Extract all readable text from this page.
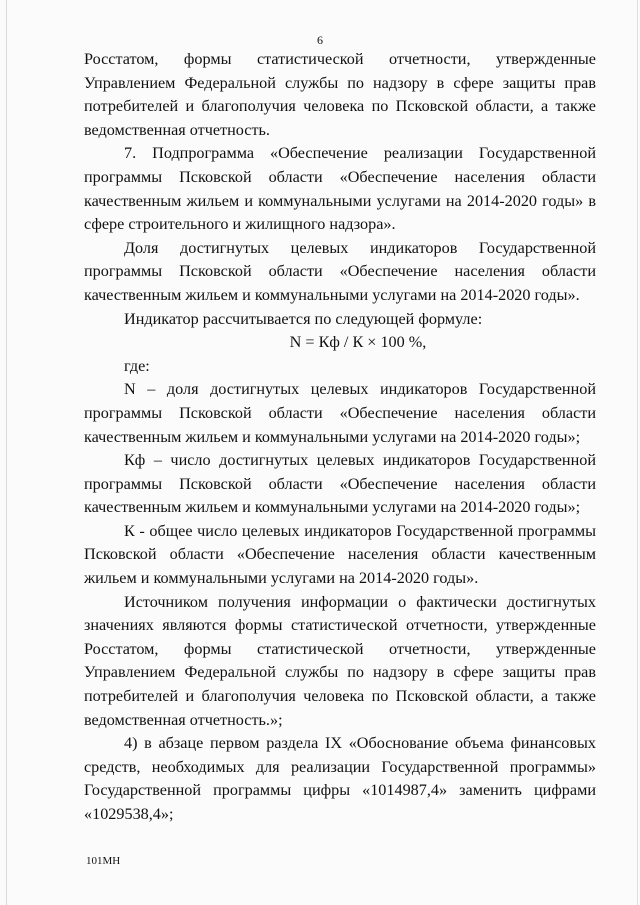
6

Росстатом, формы статистической отчетности, утвержденные Управлением Федеральной службы по надзору в сфере защиты прав потребителей и благополучия человека по Псковской области, а также ведомственная отчетность.

7. Подпрограмма «Обеспечение реализации Государственной программы Псковской области «Обеспечение населения области качественным жильем и коммунальными услугами на 2014-2020 годы» в сфере строительного и жилищного надзора».

Доля достигнутых целевых индикаторов Государственной программы Псковской области «Обеспечение населения области качественным жильем и коммунальными услугами на 2014-2020 годы».

Индикатор рассчитывается по следующей формуле:

N = Кф / К × 100 %,

где:

N – доля достигнутых целевых индикаторов Государственной программы Псковской области «Обеспечение населения области качественным жильем и коммунальными услугами на 2014-2020 годы»;

Кф – число достигнутых целевых индикаторов Государственной программы Псковской области «Обеспечение населения области качественным жильем и коммунальными услугами на 2014-2020 годы»;

К - общее число целевых индикаторов Государственной программы Псковской области «Обеспечение населения области качественным жильем и коммунальными услугами на 2014-2020 годы».

Источником получения информации о фактически достигнутых значениях являются формы статистической отчетности, утвержденные Росстатом, формы статистической отчетности, утвержденные Управлением Федеральной службы по надзору в сфере защиты прав потребителей и благополучия человека по Псковской области, а также ведомственная отчетность.»;

4) в абзаце первом раздела IX «Обоснование объема финансовых средств, необходимых для реализации Государственной программы» Государственной программы цифры «1014987,4» заменить цифрами «1029538,4»;

101МН
